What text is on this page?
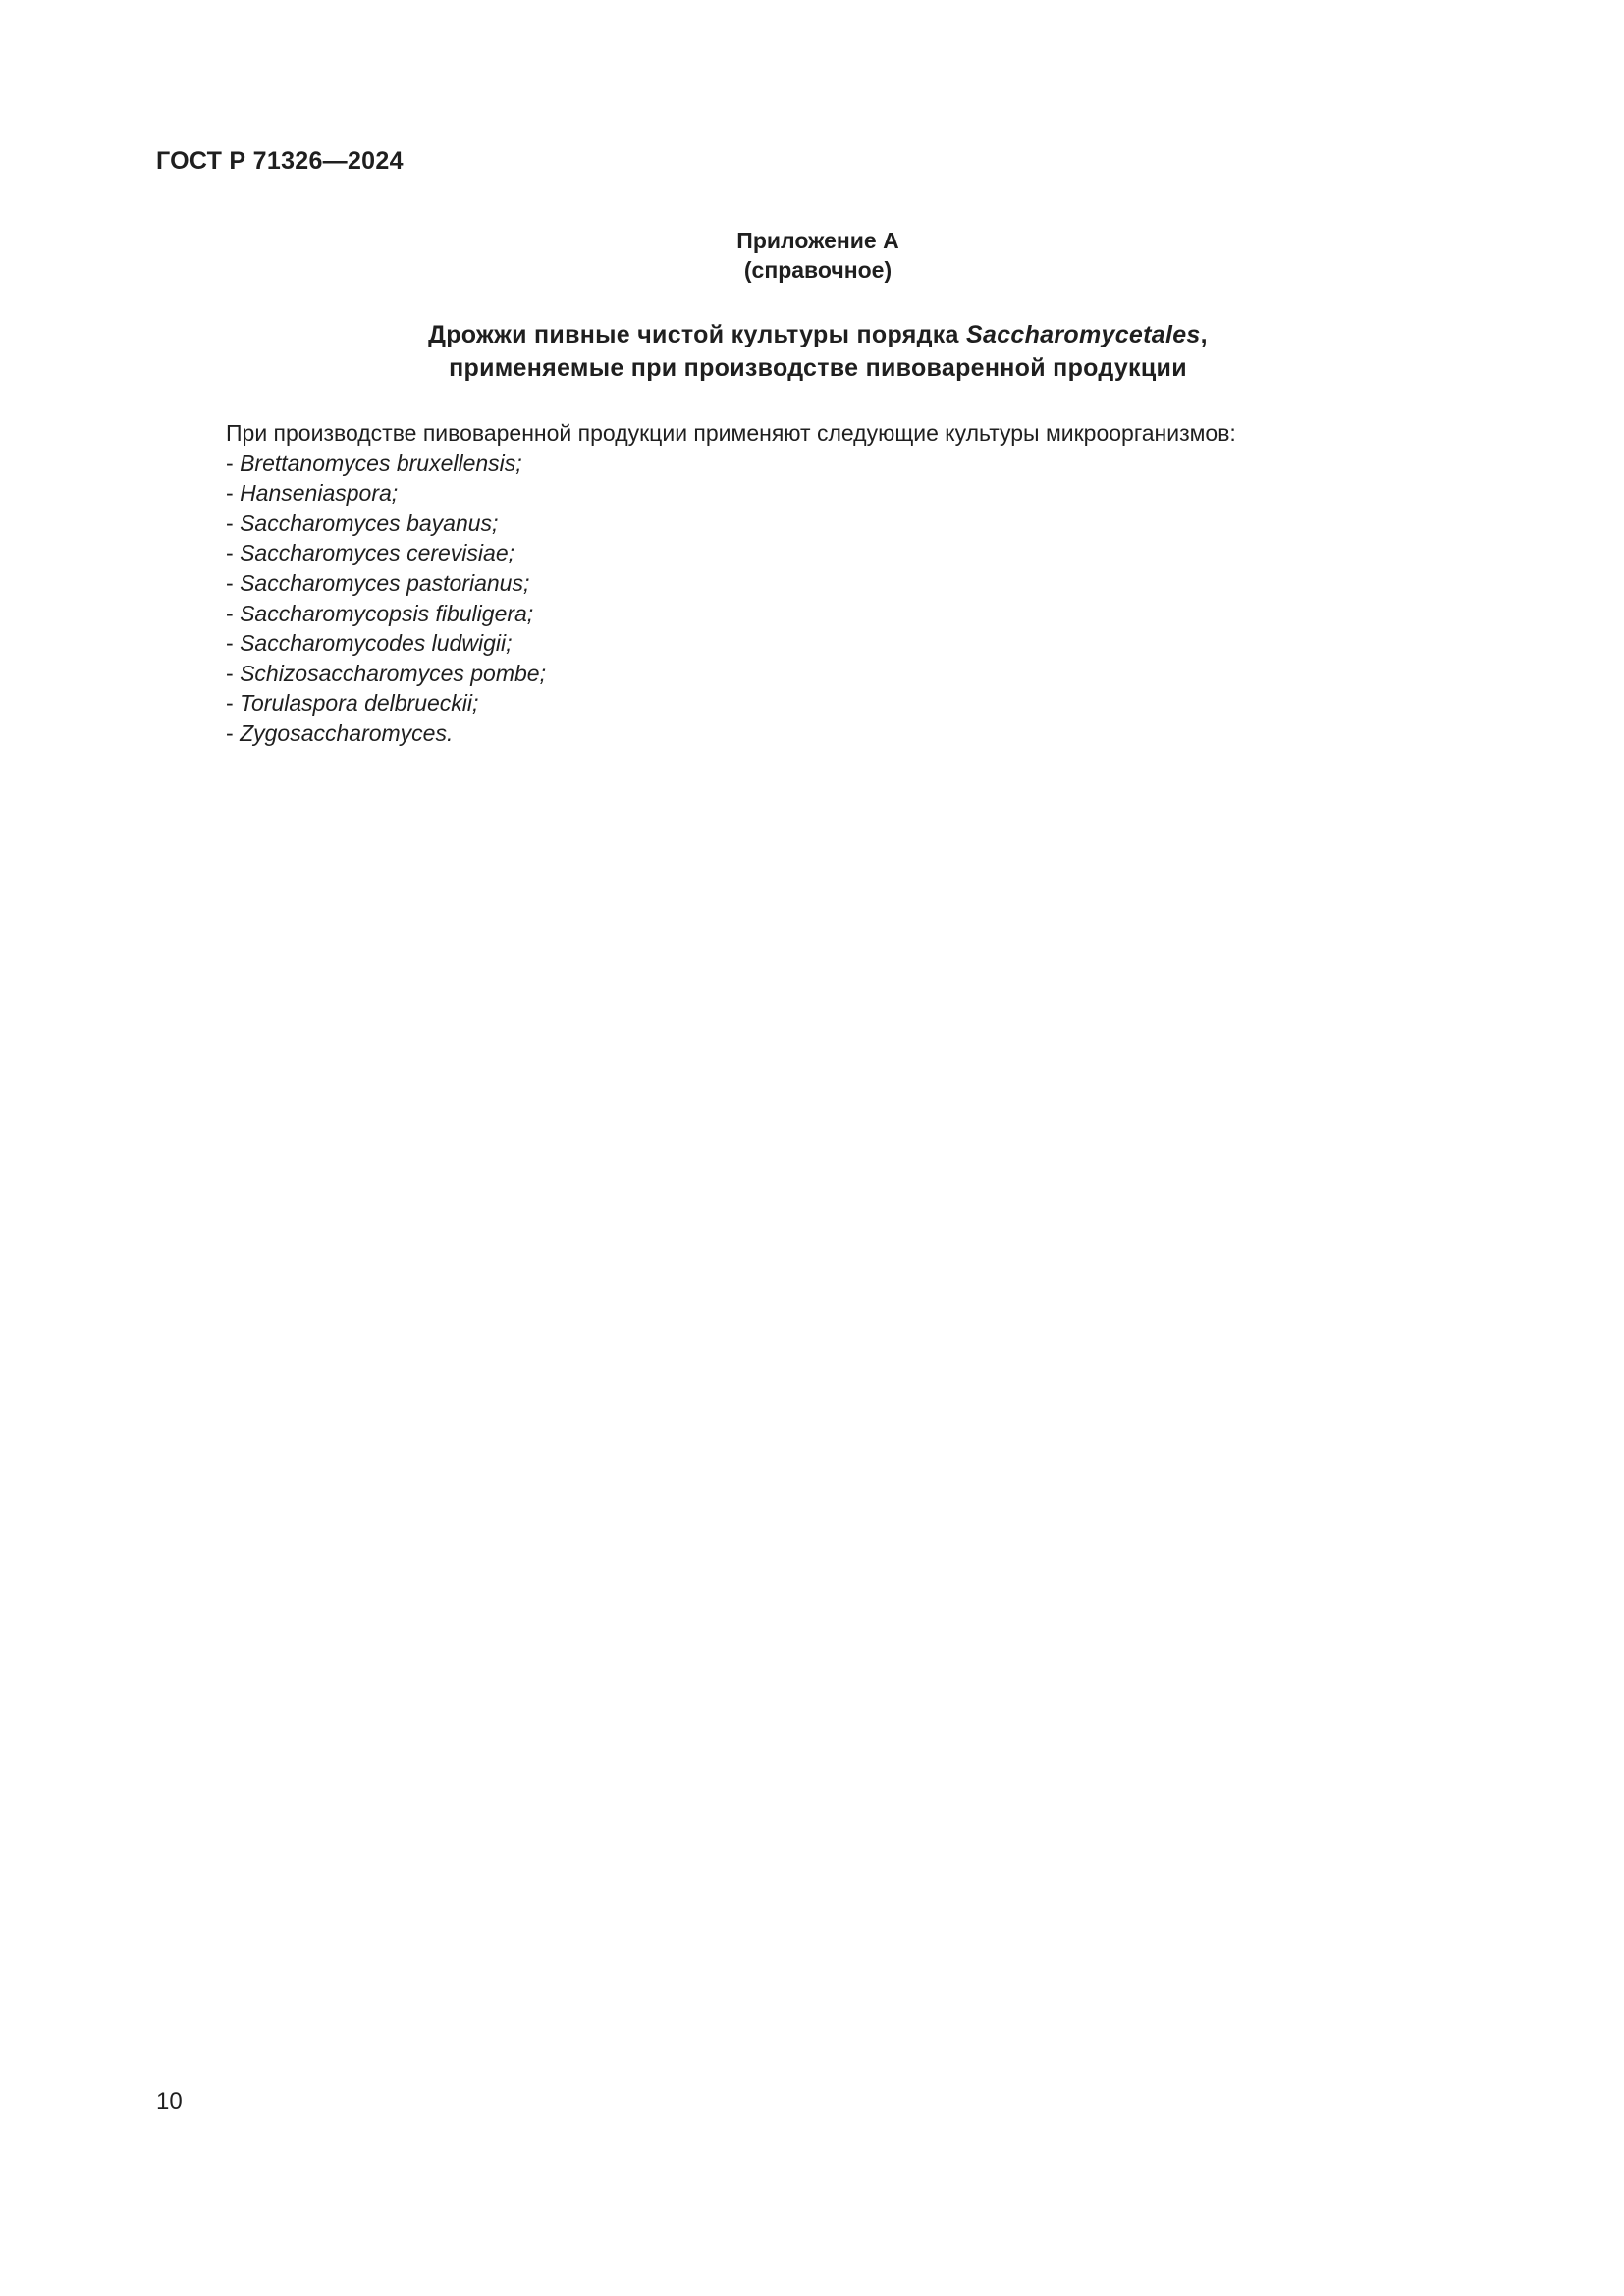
ГОСТ Р 71326—2024

Приложение А

(справочное)

Дрожжи пивные чистой культуры порядка Saccharomycetales,

применяемые при производстве пивоваренной продукции

При производстве пивоваренной продукции применяют следующие культуры микроорганизмов:

- Brettanomyces bruxellensis;
- Hanseniaspora;
- Saccharomyces bayanus;
- Saccharomyces cerevisiae;
- Saccharomyces pastorianus;
- Saccharomycopsis fibuligera;
- Saccharomycodes ludwigii;
- Schizosaccharomyces pombe;
- Torulaspora delbrueckii;
- Zygosaccharomyces.

10
